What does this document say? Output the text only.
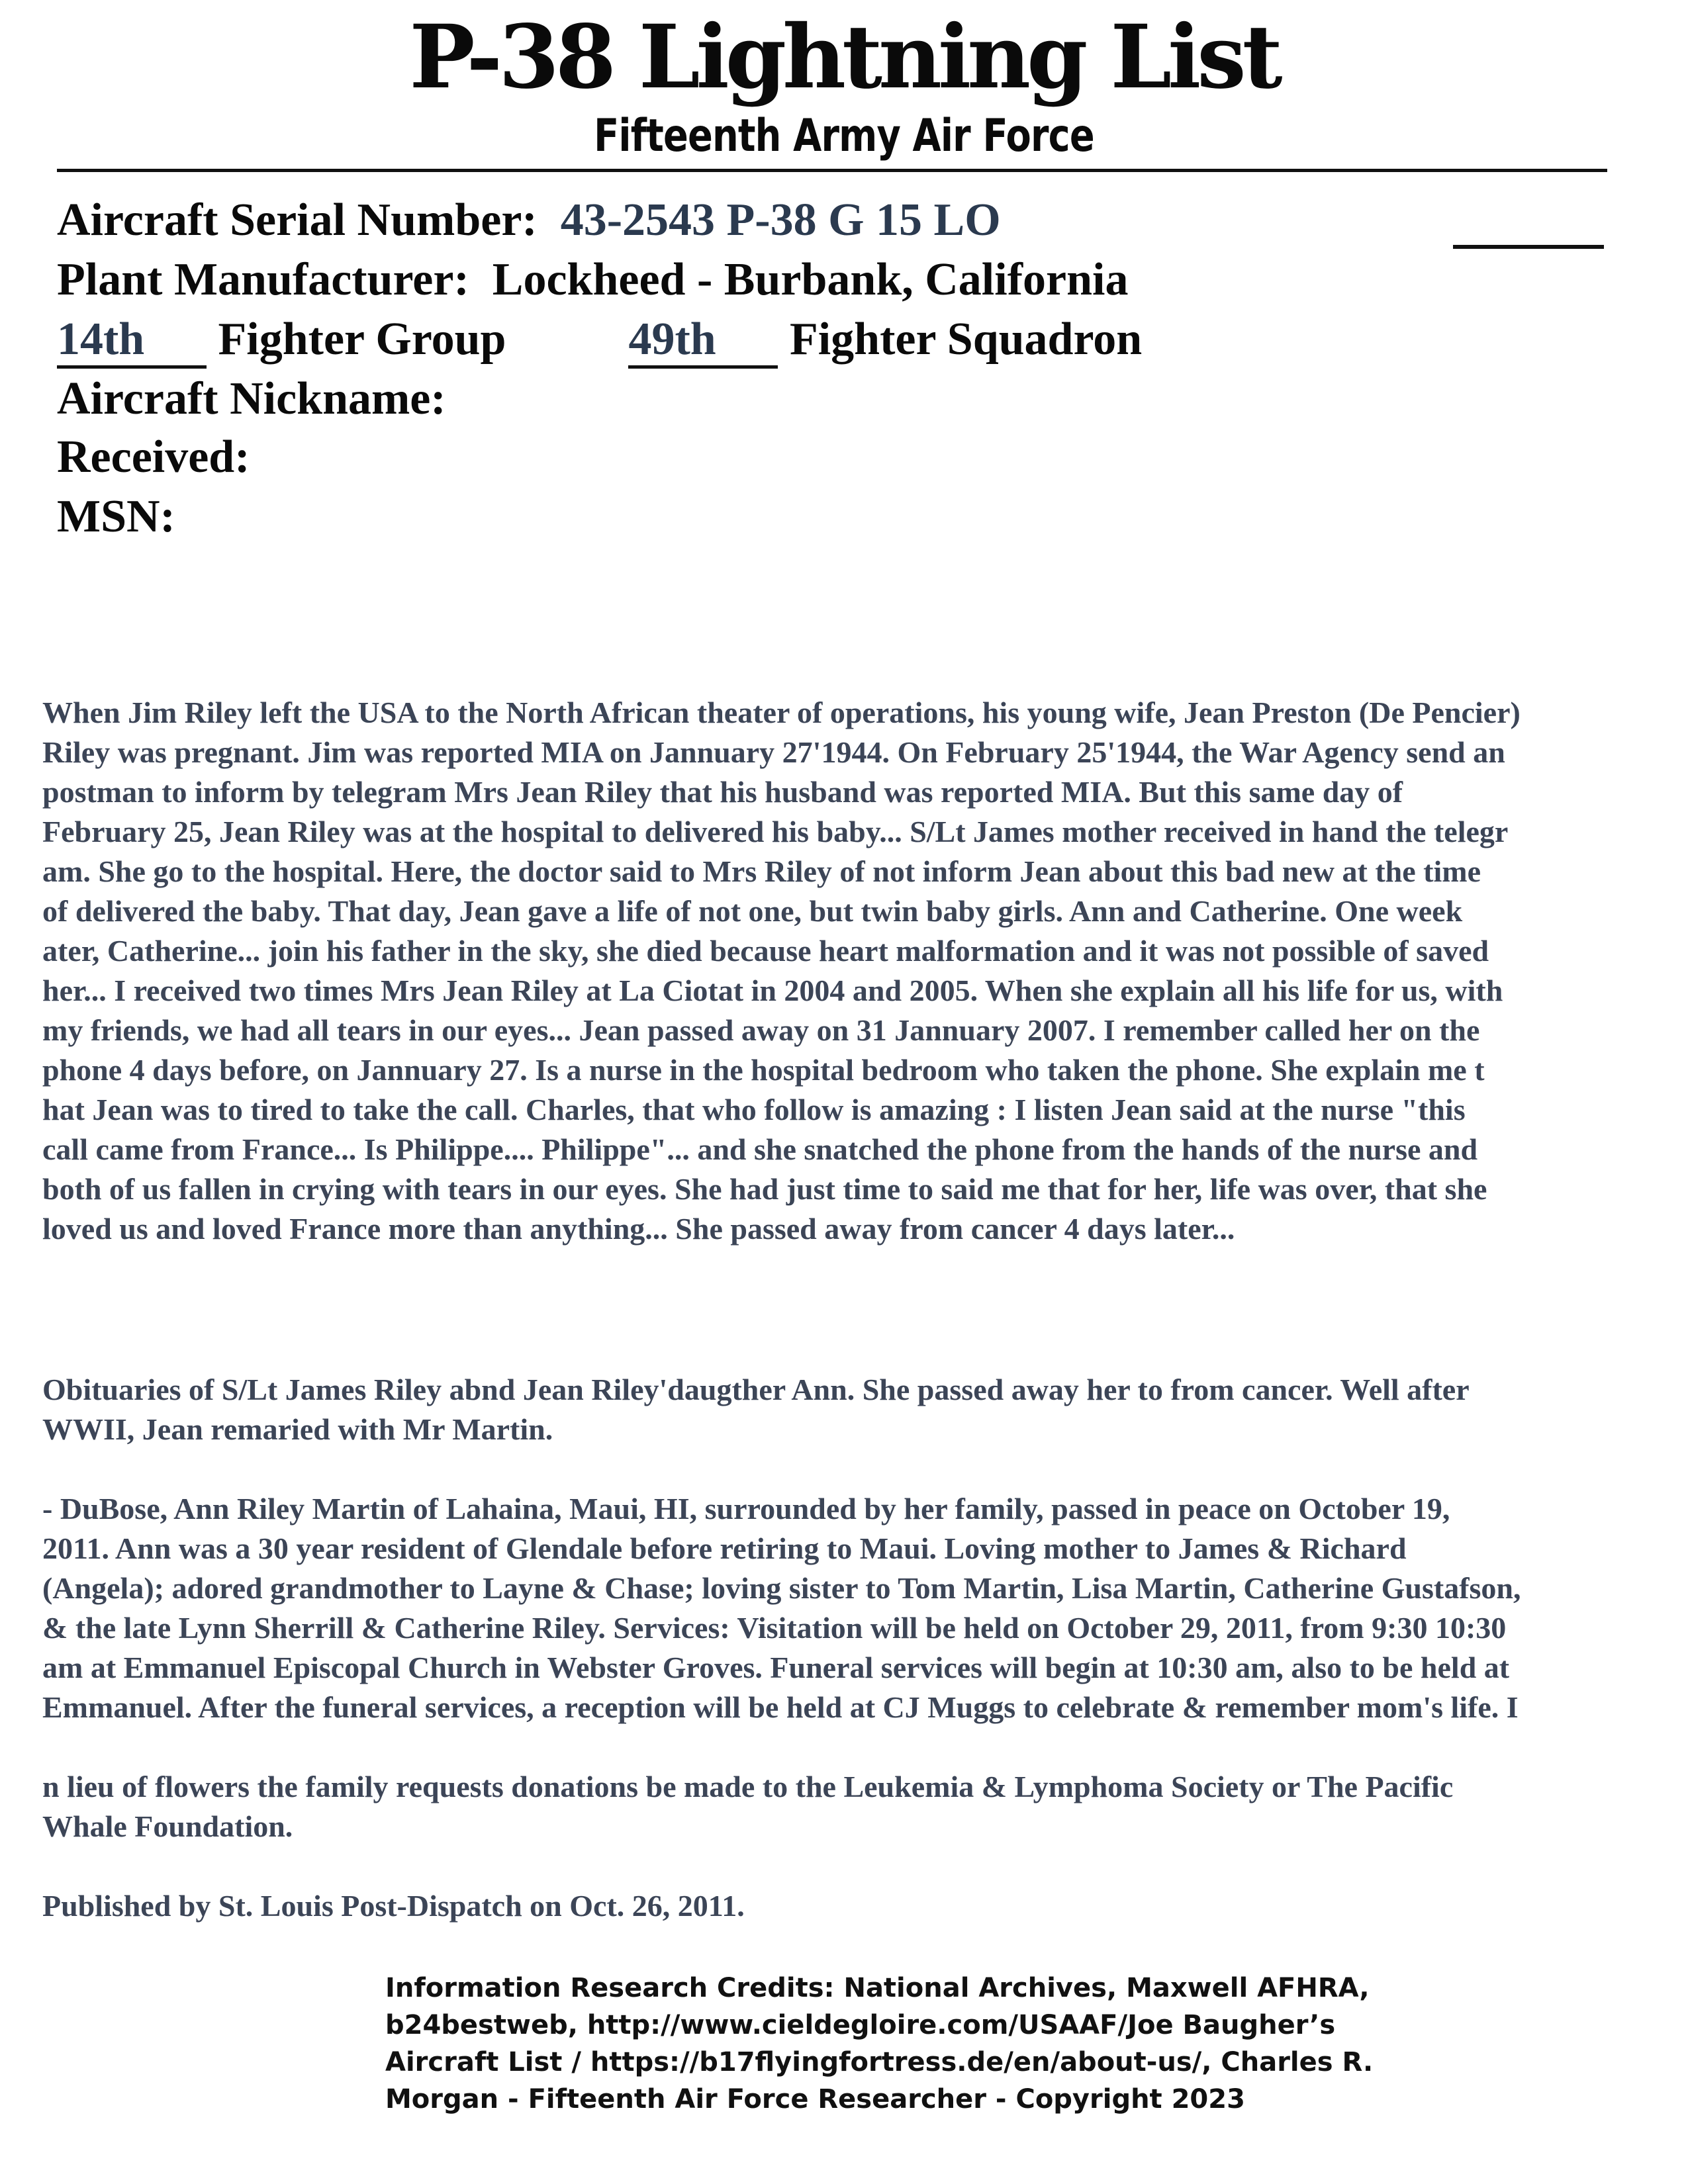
P-38 Lightning List
Fifteenth Army Air Force
Aircraft Serial Number: 43-2543 P-38 G 15 LO
Plant Manufacturer: Lockheed - Burbank, California
14th Fighter Group	49th Fighter Squadron
Aircraft Nickname:
Received:
MSN:
When Jim Riley left the USA to the North African theater of operations, his young wife, Jean Preston (De Pencier)
Riley was pregnant. Jim was reported MIA on Jannuary 27'1944. On February 25'1944, the War Agency send an
postman to inform by telegram Mrs Jean Riley that his husband was reported MIA. But this same day of
February 25, Jean Riley was at the hospital to delivered his baby... S/Lt James mother received in hand the telegr
am. She go to the hospital. Here, the doctor said to Mrs Riley of not inform Jean about this bad new at the time
of delivered the baby. That day, Jean gave a life of not one, but twin baby girls. Ann and Catherine. One week
ater, Catherine... join his father in the sky, she died because heart malformation and it was not possible of saved
her... I received two times Mrs Jean Riley at La Ciotat in 2004 and 2005. When she explain all his life for us, with
my friends, we had all tears in our eyes... Jean passed away on 31 Jannuary 2007. I remember called her on the
phone 4 days before, on Jannuary 27. Is a nurse in the hospital bedroom who taken the phone. She explain me t
hat Jean was to tired to take the call. Charles, that who follow is amazing : I listen Jean said at the nurse "this
call came from France... Is Philippe.... Philippe"... and she snatched the phone from the hands of the nurse and
both of us fallen in crying with tears in our eyes. She had just time to said me that for her, life was over, that she
loved us and loved France more than anything... She passed away from cancer 4 days later...
Obituaries of S/Lt James Riley abnd Jean Riley'daugther Ann. She passed away her to from cancer. Well after
WWII, Jean remaried with Mr Martin.
- DuBose, Ann Riley Martin of Lahaina, Maui, HI, surrounded by her family, passed in peace on October 19,
2011. Ann was a 30 year resident of Glendale before retiring to Maui. Loving mother to James & Richard
(Angela); adored grandmother to Layne & Chase; loving sister to Tom Martin, Lisa Martin, Catherine Gustafson,
& the late Lynn Sherrill & Catherine Riley. Services: Visitation will be held on October 29, 2011, from 9:30 10:30
am at Emmanuel Episcopal Church in Webster Groves. Funeral services will begin at 10:30 am, also to be held at
Emmanuel. After the funeral services, a reception will be held at CJ Muggs to celebrate & remember mom's life. I
n lieu of flowers the family requests donations be made to the Leukemia & Lymphoma Society or The Pacific
Whale Foundation.
Published by St. Louis Post-Dispatch on Oct. 26, 2011.
Information Research Credits: National Archives, Maxwell AFHRA,
b24bestweb, http://www.cieldegloire.com/USAAF/Joe Baugher’s
Aircraft List / https://b17flyingfortress.de/en/about-us/, Charles R.
Morgan - Fifteenth Air Force Researcher - Copyright 2023
